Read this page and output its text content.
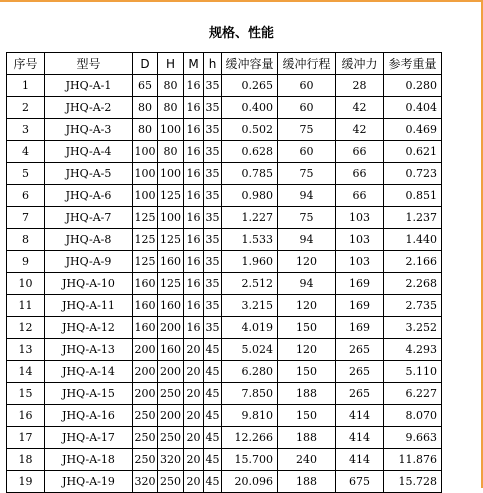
规格、性能
序号	型号	D	H	M	h	缓冲容量	缓冲行程	缓冲力	参考重量
1	JHQ-A-1	65	80	16	35	0.265	60	28	0.280
2	JHQ-A-2	80	80	16	35	0.400	60	42	0.404
3	JHQ-A-3	80	100	16	35	0.502	75	42	0.469
4	JHQ-A-4	100	80	16	35	0.628	60	66	0.621
5	JHQ-A-5	100	100	16	35	0.785	75	66	0.723
6	JHQ-A-6	100	125	16	35	0.980	94	66	0.851
7	JHQ-A-7	125	100	16	35	1.227	75	103	1.237
8	JHQ-A-8	125	125	16	35	1.533	94	103	1.440
9	JHQ-A-9	125	160	16	35	1.960	120	103	2.166
10	JHQ-A-10	160	125	16	35	2.512	94	169	2.268
11	JHQ-A-11	160	160	16	35	3.215	120	169	2.735
12	JHQ-A-12	160	200	16	35	4.019	150	169	3.252
13	JHQ-A-13	200	160	20	45	5.024	120	265	4.293
14	JHQ-A-14	200	200	20	45	6.280	150	265	5.110
15	JHQ-A-15	200	250	20	45	7.850	188	265	6.227
16	JHQ-A-16	250	200	20	45	9.810	150	414	8.070
17	JHQ-A-17	250	250	20	45	12.266	188	414	9.663
18	JHQ-A-18	250	320	20	45	15.700	240	414	11.876
19	JHQ-A-19	320	250	20	45	20.096	188	675	15.728
